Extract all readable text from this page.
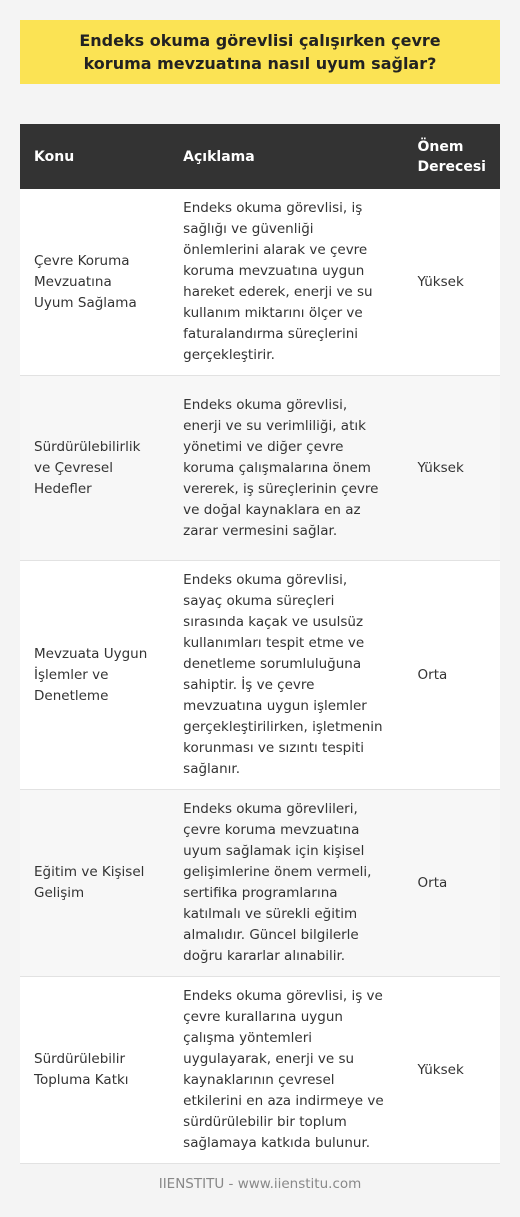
Endeks okuma görevlisi çalışırken çevre koruma mevzuatına nasıl uyum sağlar?
Konu	Açıklama	Önem Derecesi
Çevre Koruma Mevzuatına Uyum Sağlama	Endeks okuma görevlisi, iş sağlığı ve güvenliği önlemlerini alarak ve çevre koruma mevzuatına uygun hareket ederek, enerji ve su kullanım miktarını ölçer ve faturalandırma süreçlerini gerçekleştirir.	Yüksek
Sürdürülebilirlik ve Çevresel Hedefler	Endeks okuma görevlisi, enerji ve su verimliliği, atık yönetimi ve diğer çevre koruma çalışmalarına önem vererek, iş süreçlerinin çevre ve doğal kaynaklara en az zarar vermesini sağlar.	Yüksek
Mevzuata Uygun İşlemler ve Denetleme	Endeks okuma görevlisi, sayaç okuma süreçleri sırasında kaçak ve usulsüz kullanımları tespit etme ve denetleme sorumluluğuna sahiptir. İş ve çevre mevzuatına uygun işlemler gerçekleştirilirken, işletmenin korunması ve sızıntı tespiti sağlanır.	Orta
Eğitim ve Kişisel Gelişim	Endeks okuma görevlileri, çevre koruma mevzuatına uyum sağlamak için kişisel gelişimlerine önem vermeli, sertifika programlarına katılmalı ve sürekli eğitim almalıdır. Güncel bilgilerle doğru kararlar alınabilir.	Orta
Sürdürülebilir Topluma Katkı	Endeks okuma görevlisi, iş ve çevre kurallarına uygun çalışma yöntemleri uygulayarak, enerji ve su kaynaklarının çevresel etkilerini en aza indirmeye ve sürdürülebilir bir toplum sağlamaya katkıda bulunur.	Yüksek
IIENSTITU - www.iienstitu.com
